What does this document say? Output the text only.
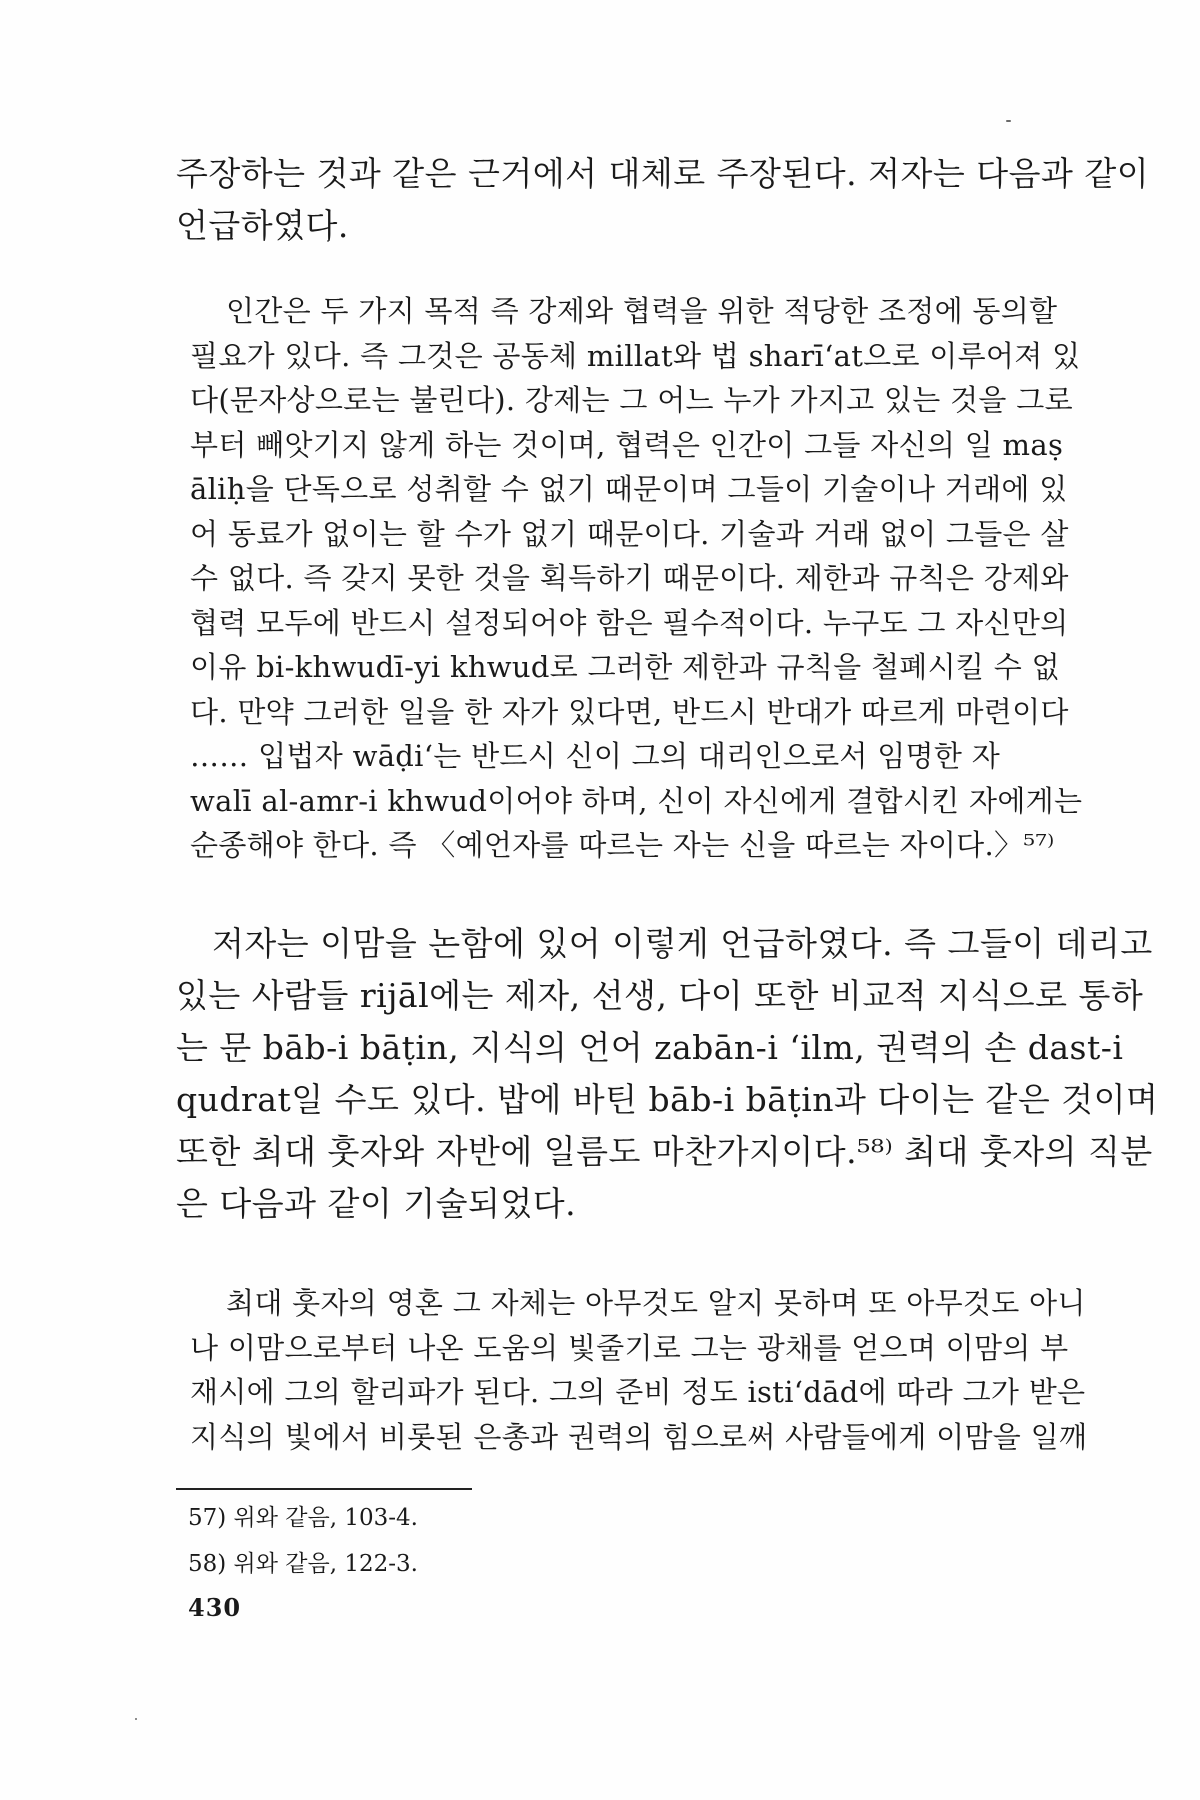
주장하는 것과 같은 근거에서 대체로 주장된다. 저자는 다음과 같이
언급하였다.
인간은 두 가지 목적 즉 강제와 협력을 위한 적당한 조정에 동의할
필요가 있다. 즉 그것은 공동체 millat와 법 sharī‘at으로 이루어져 있
다(문자상으로는 불린다). 강제는 그 어느 누가 가지고 있는 것을 그로
부터 빼앗기지 않게 하는 것이며, 협력은 인간이 그들 자신의 일 maṣ
āliḥ을 단독으로 성취할 수 없기 때문이며 그들이 기술이나 거래에 있
어 동료가 없이는 할 수가 없기 때문이다. 기술과 거래 없이 그들은 살
수 없다. 즉 갖지 못한 것을 획득하기 때문이다. 제한과 규칙은 강제와
협력 모두에 반드시 설정되어야 함은 필수적이다. 누구도 그 자신만의
이유 bi-khwudī-yi khwud로 그러한 제한과 규칙을 철폐시킬 수 없
다. 만약 그러한 일을 한 자가 있다면, 반드시 반대가 따르게 마련이다
…… 입법자 wāḍi‘는 반드시 신이 그의 대리인으로서 임명한 자
walī al-amr-i khwud이어야 하며, 신이 자신에게 결합시킨 자에게는
순종해야 한다. 즉 〈예언자를 따르는 자는 신을 따르는 자이다.〉⁵⁷⁾
저자는 이맘을 논함에 있어 이렇게 언급하였다. 즉 그들이 데리고
있는 사람들 rijāl에는 제자, 선생, 다이 또한 비교적 지식으로 통하
는 문 bāb-i bāṭin, 지식의 언어 zabān-i ‘ilm, 권력의 손 dast-i
qudrat일 수도 있다. 밥에 바틴 bāb-i bāṭin과 다이는 같은 것이며
또한 최대 훗자와 자반에 일름도 마찬가지이다.⁵⁸⁾ 최대 훗자의 직분
은 다음과 같이 기술되었다.
최대 훗자의 영혼 그 자체는 아무것도 알지 못하며 또 아무것도 아니
나 이맘으로부터 나온 도움의 빛줄기로 그는 광채를 얻으며 이맘의 부
재시에 그의 할리파가 된다. 그의 준비 정도 isti‘dād에 따라 그가 받은
지식의 빛에서 비롯된 은총과 권력의 힘으로써 사람들에게 이맘을 일깨
57) 위와 같음, 103-4.
58) 위와 같음, 122-3.
430
